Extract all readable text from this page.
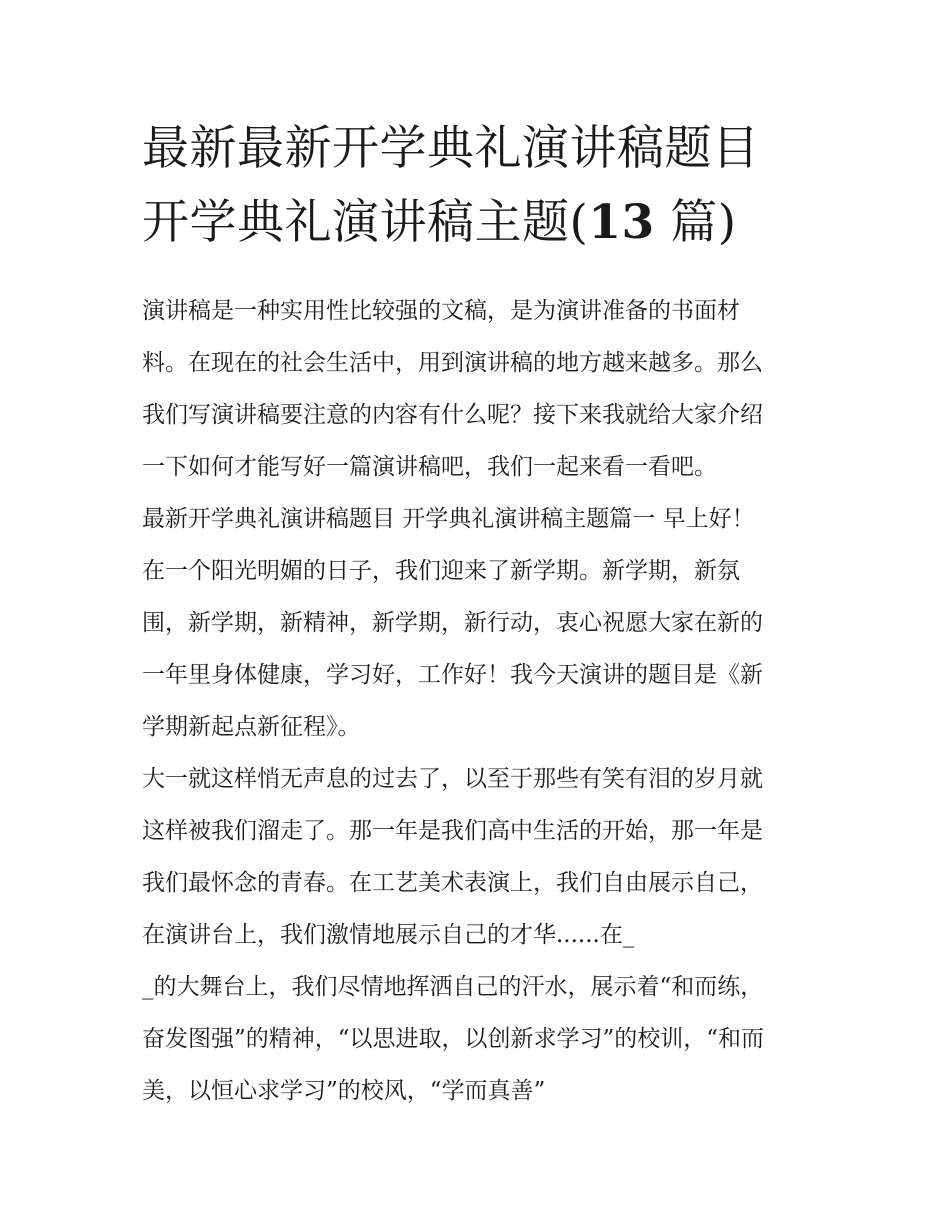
最新最新开学典礼演讲稿题目
开学典礼演讲稿主题(13 篇)
演讲稿是一种实用性比较强的文稿，是为演讲准备的书面材
料。在现在的社会生活中，用到演讲稿的地方越来越多。那么
我们写演讲稿要注意的内容有什么呢？接下来我就给大家介绍
一下如何才能写好一篇演讲稿吧，我们一起来看一看吧。
最新开学典礼演讲稿题目 开学典礼演讲稿主题篇一 早上好！
在一个阳光明媚的日子，我们迎来了新学期。新学期，新氛
围，新学期，新精神，新学期，新行动，衷心祝愿大家在新的
一年里身体健康，学习好，工作好！我今天演讲的题目是《新
学期新起点新征程》。
大一就这样悄无声息的过去了，以至于那些有笑有泪的岁月就
这样被我们溜走了。那一年是我们高中生活的开始，那一年是
我们最怀念的青春。在工艺美术表演上，我们自由展示自己，
在演讲台上，我们激情地展示自己的才华......在_
_的大舞台上，我们尽情地挥洒自己的汗水，展示着“和而练，
奋发图强”的精神，“以思进取，以创新求学习”的校训，“和而
美，以恒心求学习”的校风，“学而真善”
